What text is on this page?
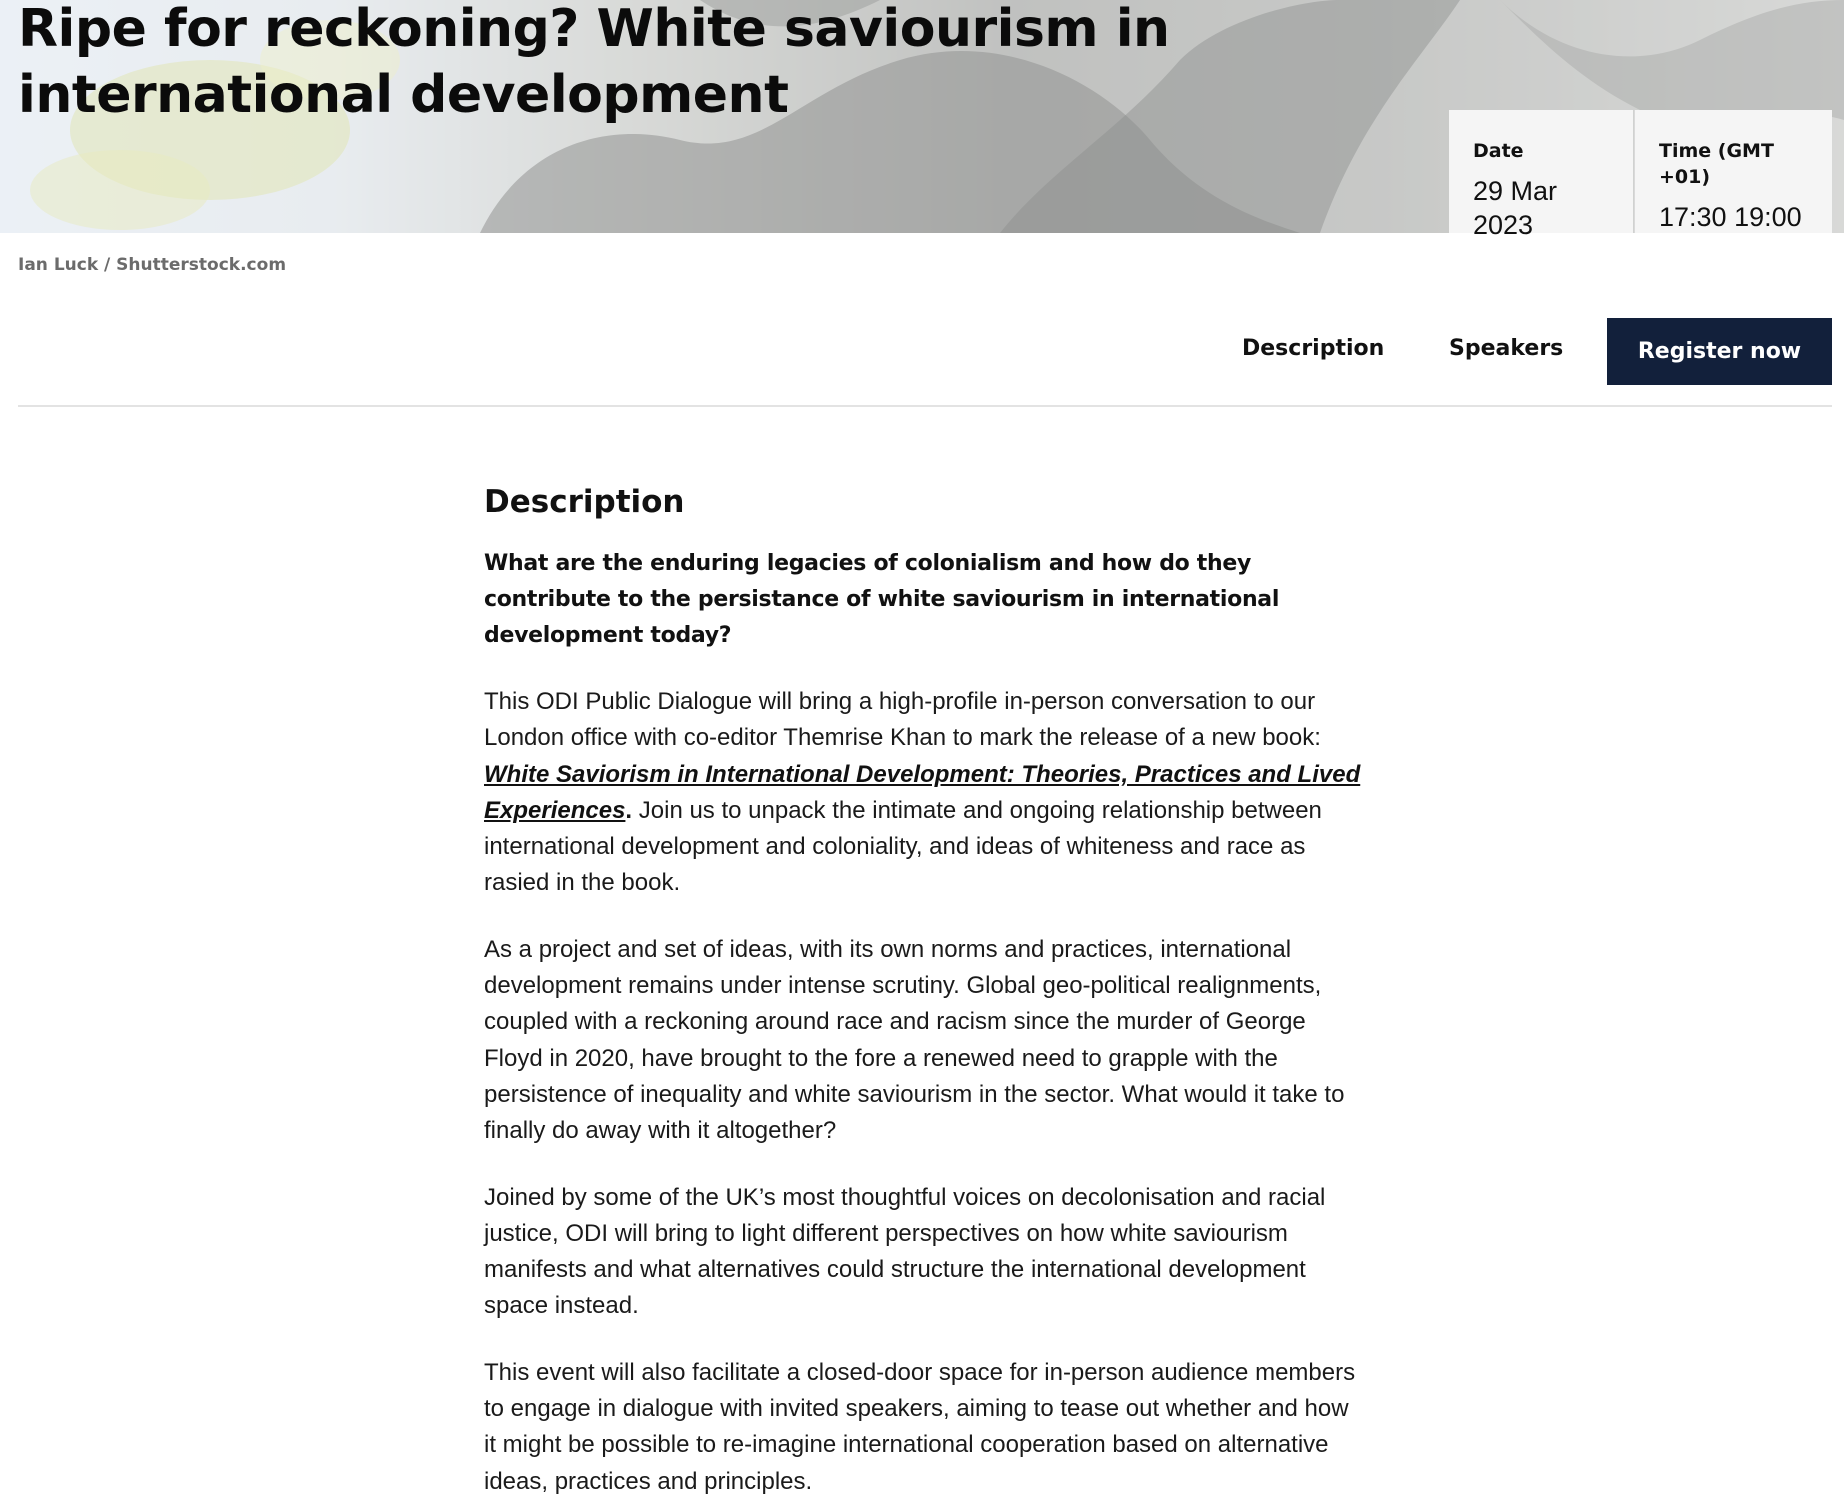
Ripe for reckoning? White saviourism in international development
Date
29 Mar 2023
Time (GMT +01)
17:30 19:00
Ian Luck / Shutterstock.com
Description	Speakers	Register now
Description

What are the enduring legacies of colonialism and how do they contribute to the persistance of white saviourism in international development today?

This ODI Public Dialogue will bring a high-profile in-person conversation to our London office with co-editor Themrise Khan to mark the release of a new book: White Saviorism in International Development: Theories, Practices and Lived Experiences. Join us to unpack the intimate and ongoing relationship between international development and coloniality, and ideas of whiteness and race as rasied in the book.

As a project and set of ideas, with its own norms and practices, international development remains under intense scrutiny. Global geo-political realignments, coupled with a reckoning around race and racism since the murder of George Floyd in 2020, have brought to the fore a renewed need to grapple with the persistence of inequality and white saviourism in the sector. What would it take to finally do away with it altogether?

Joined by some of the UK’s most thoughtful voices on decolonisation and racial justice, ODI will bring to light different perspectives on how white saviourism manifests and what alternatives could structure the international development space instead.

This event will also facilitate a closed-door space for in-person audience members to engage in dialogue with invited speakers, aiming to tease out whether and how it might be possible to re-imagine international cooperation based on alternative ideas, practices and principles.
